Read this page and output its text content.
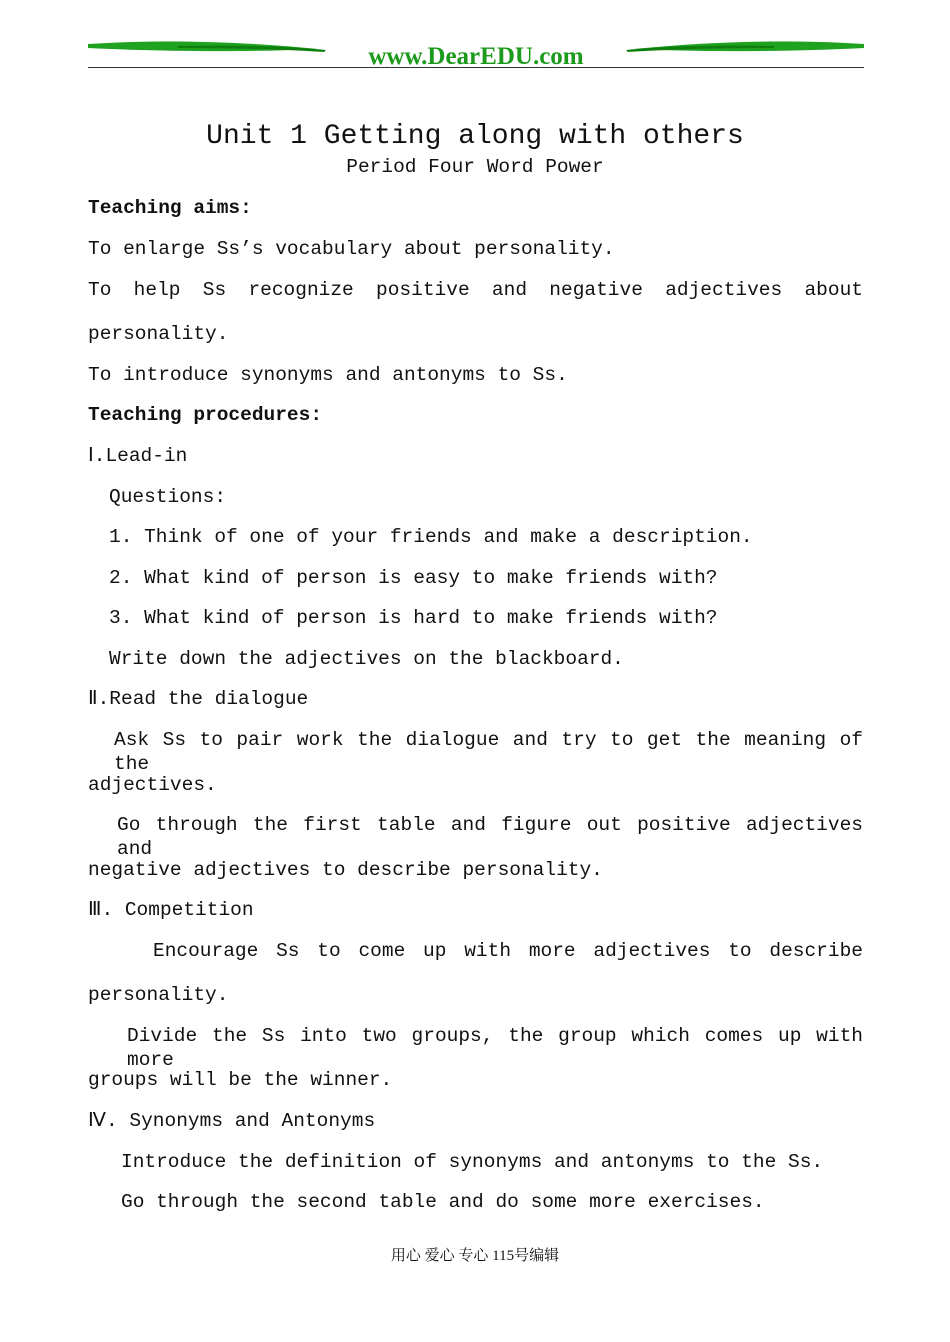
www.DearEDU.com
Unit 1 Getting along with others
Period Four Word Power
Teaching aims:
To enlarge Ss’s vocabulary about personality.
To help Ss recognize positive and negative adjectives about
personality.
To introduce synonyms and antonyms to Ss.
Teaching procedures:
Ⅰ.Lead-in
Questions:
1. Think of one of your friends and make a description.
2. What kind of person is easy to make friends with?
3. What kind of person is hard to make friends with?
Write down the adjectives on the blackboard.
Ⅱ.Read the dialogue
Ask Ss to pair work the dialogue and try to get the meaning of the
adjectives.
Go through the first table and figure out positive adjectives and
negative adjectives to describe personality.
Ⅲ. Competition
Encourage Ss to come up with more adjectives to describe
personality.
Divide the Ss into two groups, the group which comes up with more
groups will be the winner.
Ⅳ. Synonyms and Antonyms
Introduce the definition of synonyms and antonyms to the Ss.
Go through the second table and do some more exercises.
用心 爱心 专心 115号编辑
